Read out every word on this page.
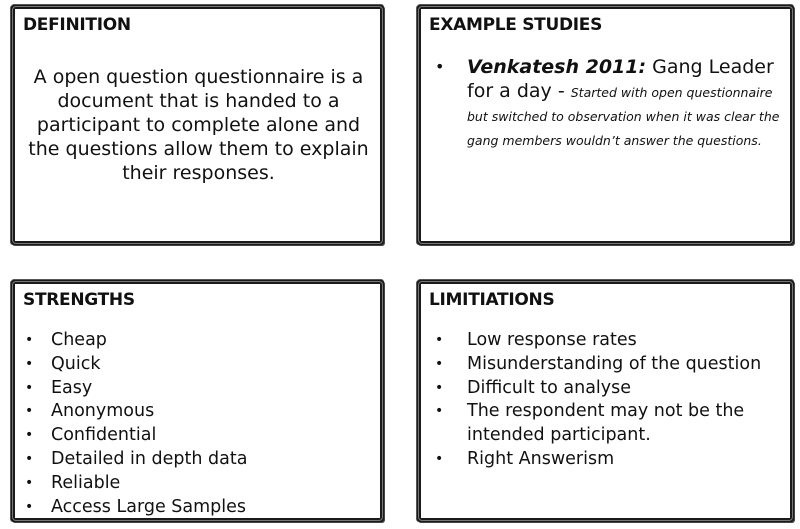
DEFINITION
A open question questionnaire is a document that is handed to a participant to complete alone and the questions allow them to explain their responses.
EXAMPLE STUDIES
•	Venkatesh 2011: Gang Leader for a day - Started with open questionnaire but switched to observation when it was clear the gang members wouldn’t answer the questions.
STRENGTHS
•	Cheap
•	Quick
•	Easy
•	Anonymous
•	Confidential
•	Detailed in depth data
•	Reliable
•	Access Large Samples
LIMITIATIONS
•	Low response rates
•	Misunderstanding of the question
•	Difficult to analyse
•	The respondent may not be the intended participant.
•	Right Answerism
